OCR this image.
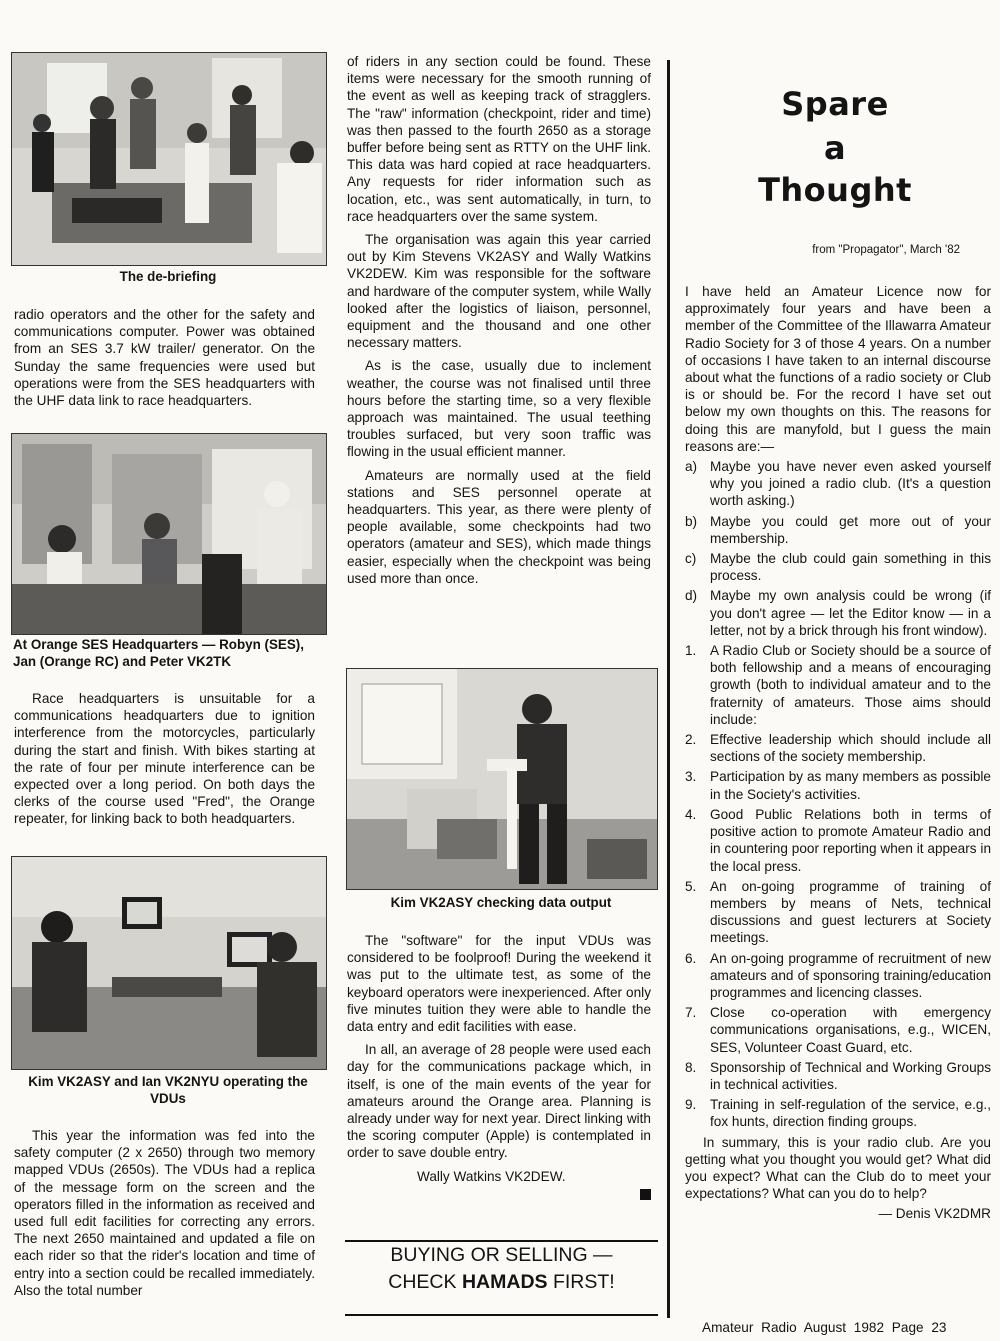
The de-briefing

radio operators and the other for the safety and communications computer. Power was obtained from an SES 3.7 kW trailer/ generator. On the Sunday the same frequencies were used but operations were from the SES headquarters with the UHF data link to race headquarters.

At Orange SES Headquarters — Robyn (SES), Jan (Orange RC) and Peter VK2TK

Race headquarters is unsuitable for a communications headquarters due to ignition interference from the motorcycles, particularly during the start and finish. With bikes starting at the rate of four per minute interference can be expected over a long period. On both days the clerks of the course used "Fred", the Orange repeater, for linking back to both headquarters.

Kim VK2ASY and Ian VK2NYU operating the VDUs

This year the information was fed into the safety computer (2 x 2650) through two memory mapped VDUs (2650s). The VDUs had a replica of the message form on the screen and the operators filled in the information as received and used full edit facilities for correcting any errors. The next 2650 maintained and updated a file on each rider so that the rider's location and time of entry into a section could be recalled immediately. Also the total number

of riders in any section could be found. These items were necessary for the smooth running of the event as well as keeping track of stragglers. The "raw" information (checkpoint, rider and time) was then passed to the fourth 2650 as a storage buffer before being sent as RTTY on the UHF link. This data was hard copied at race headquarters. Any requests for rider information such as location, etc., was sent automatically, in turn, to race headquarters over the same system.

The organisation was again this year carried out by Kim Stevens VK2ASY and Wally Watkins VK2DEW. Kim was responsible for the software and hardware of the computer system, while Wally looked after the logistics of liaison, personnel, equipment and the thousand and one other necessary matters.

As is the case, usually due to inclement weather, the course was not finalised until three hours before the starting time, so a very flexible approach was maintained. The usual teething troubles surfaced, but very soon traffic was flowing in the usual efficient manner.

Amateurs are normally used at the field stations and SES personnel operate at headquarters. This year, as there were plenty of people available, some checkpoints had two operators (amateur and SES), which made things easier, especially when the checkpoint was being used more than once.

Kim VK2ASY checking data output

The "software" for the input VDUs was considered to be foolproof! During the weekend it was put to the ultimate test, as some of the keyboard operators were inexperienced. After only five minutes tuition they were able to handle the data entry and edit facilities with ease.

In all, an average of 28 people were used each day for the communications package which, in itself, is one of the main events of the year for amateurs around the Orange area. Planning is already under way for next year. Direct linking with the scoring computer (Apple) is contemplated in order to save double entry.

Wally Watkins VK2DEW.

BUYING OR SELLING —
CHECK HAMADS FIRST!
Spare
a
Thought
from "Propagator", March '82

I have held an Amateur Licence now for approximately four years and have been a member of the Committee of the Illawarra Amateur Radio Society for 3 of those 4 years. On a number of occasions I have taken to an internal discourse about what the functions of a radio society or Club is or should be. For the record I have set out below my own thoughts on this. The reasons for doing this are manyfold, but I guess the main reasons are:—

a) Maybe you have never even asked yourself why you joined a radio club. (It's a question worth asking.)

b) Maybe you could get more out of your membership.

c)	Maybe the club could gain something in this process.

d) Maybe my own analysis could be wrong (if you don't agree — let the Editor know — in a letter, not by a brick through his front window).

1.	A Radio Club or Society should be a source of both fellowship and a means of encouraging growth (both to individual amateur and to the fraternity of amateurs. Those aims should include:

2.	Effective leadership which should include all sections of the society membership.

3.	Participation by as many members as possible in the Society's activities.

4.	Good Public Relations both in terms of positive action to promote Amateur Radio and in countering poor reporting when it appears in the local press.

5.	An on-going programme of training of members by means of Nets, technical discussions and guest lecturers at Society meetings.

6.	An on-going programme of recruitment of new amateurs and of sponsoring training/education programmes and licencing classes.

7.	Close co-operation with emergency communications organisations, e.g., WICEN, SES, Volunteer Coast Guard, etc.

8.	Sponsorship of Technical and Working Groups in technical activities.

9.	Training in self-regulation of the service, e.g., fox hunts, direction finding groups.

In summary, this is your radio club. Are you getting what you thought you would get? What did you expect? What can the Club do to meet your expectations? What can you do to help?

— Denis VK2DMR

Amateur Radio August 1982 Page 23
